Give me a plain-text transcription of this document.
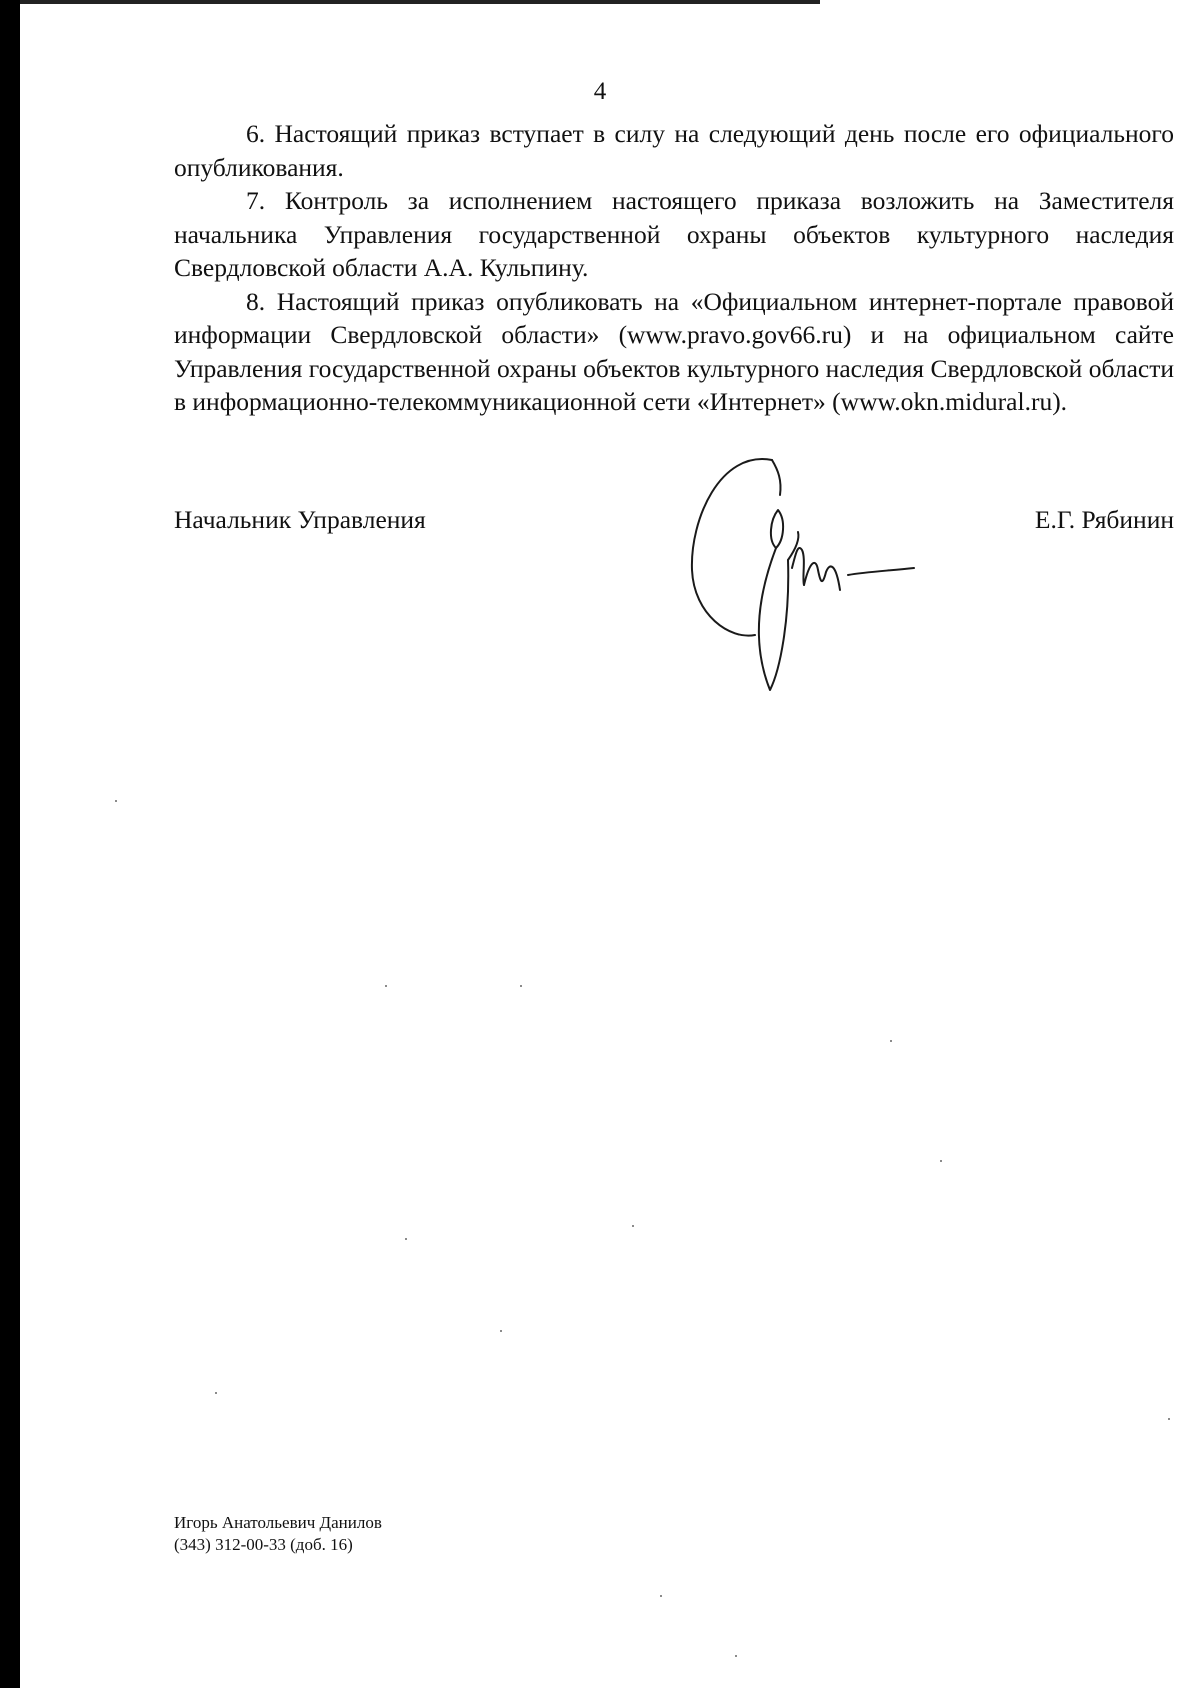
4

6. Настоящий приказ вступает в силу на следующий день после его официального опубликования.

7. Контроль за исполнением настоящего приказа возложить на Заместителя начальника Управления государственной охраны объектов культурного наследия Свердловской области А.А. Кульпину.

8. Настоящий приказ опубликовать на «Официальном интернет-портале правовой информации Свердловской области» (www.pravo.gov66.ru) и на официальном сайте Управления государственной охраны объектов культурного наследия Свердловской области в информационно-телекоммуникационной сети «Интернет» (www.okn.midural.ru).

Начальник Управления	Е.Г. Рябинин
Игорь Анатольевич Данилов
(343) 312-00-33 (доб. 16)
